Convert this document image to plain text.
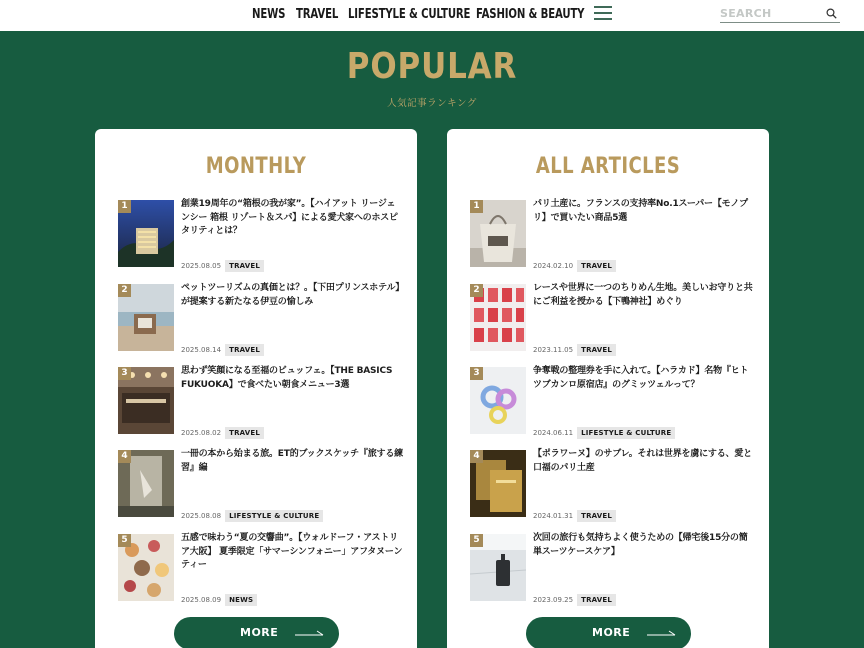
NEWS TRAVEL LIFESTYLE & CULTURE FASHION & BEAUTY
SEARCH
POPULAR
人気記事ランキング
MONTHLY
1	創業19周年の“箱根の我が家”。【ハイアット リージェンシー 箱根 リゾート＆スパ】による愛犬家へのホスピタリティとは？
2025.08.05 TRAVEL
2	ペットツーリズムの真価とは？。【下田プリンスホテル】が提案する新たなる伊豆の愉しみ
2025.08.14 TRAVEL
3	思わず笑顔になる至福のビュッフェ。【THE BASICS FUKUOKA】で食べたい朝食メニュー3選
2025.08.02 TRAVEL
4	一冊の本から始まる旅。ET的ブックスケッチ『旅する練習』編
2025.08.08 LIFESTYLE & CULTURE
5	五感で味わう“夏の交響曲”。【ウォルドーフ・アストリア大阪】 夏季限定「サマーシンフォニー」アフタヌーンティー
2025.08.09 NEWS
MORE
ALL ARTICLES
1	パリ土産に。フランスの支持率No.1スーパー【モノプリ】で買いたい商品5選
2024.02.10 TRAVEL
2	レースや世界に一つのちりめん生地。美しいお守りと共にご利益を授かる【下鴨神社】めぐり
2023.11.05 TRAVEL
3	争奪戦の整理券を手に入れて。【ハラカド】名物『ヒトツブカンロ原宿店』のグミッツェルって？
2024.06.11 LIFESTYLE & CULTURE
4	【ポラワーヌ】のサブレ。それは世界を虜にする、愛と口福のパリ土産
2024.01.31 TRAVEL
5	次回の旅行も気持ちよく使うための【帰宅後15分の簡単スーツケースケア】
2023.09.25 TRAVEL
MORE
